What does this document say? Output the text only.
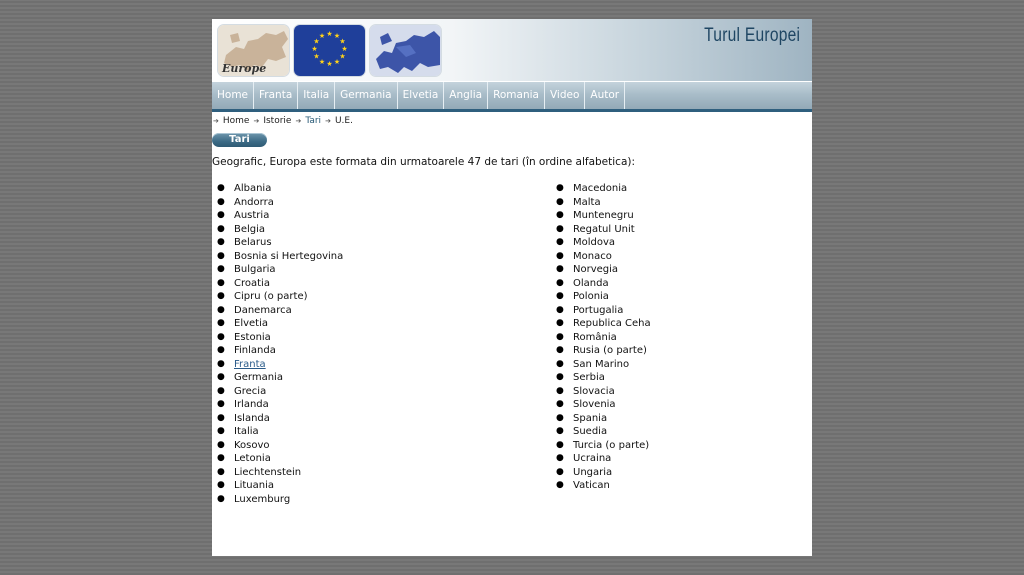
Europe
★ ★
★
★
★
★
★
★
★
★
★
★	Turul Europei
Home	Franta	Italia	Germania	Elvetia	Anglia	Romania	Video	Autor
➔ Home ➔ Istorie ➔ Tari ➔ U.E.
Tari
Geografic, Europa este formata din urmatoarele 47 de tari (în ordine alfabetica):
● Albania
● Andorra
● Austria
● Belgia
● Belarus
● Bosnia si Hertegovina
● Bulgaria
● Croatia
● Cipru (o parte)
● Danemarca
● Elvetia
● Estonia
● Finlanda
● Franta
● Germania
● Grecia
● Irlanda
● Islanda
● Italia
● Kosovo
● Letonia
● Liechtenstein
● Lituania
● Luxemburg
● Macedonia
● Malta
● Muntenegru
● Regatul Unit
● Moldova
● Monaco
● Norvegia
● Olanda
● Polonia
● Portugalia
● Republica Ceha
● România
● Rusia (o parte)
● San Marino
● Serbia
● Slovacia
● Slovenia
● Spania
● Suedia
● Turcia (o parte)
● Ucraina
● Ungaria
● Vatican
